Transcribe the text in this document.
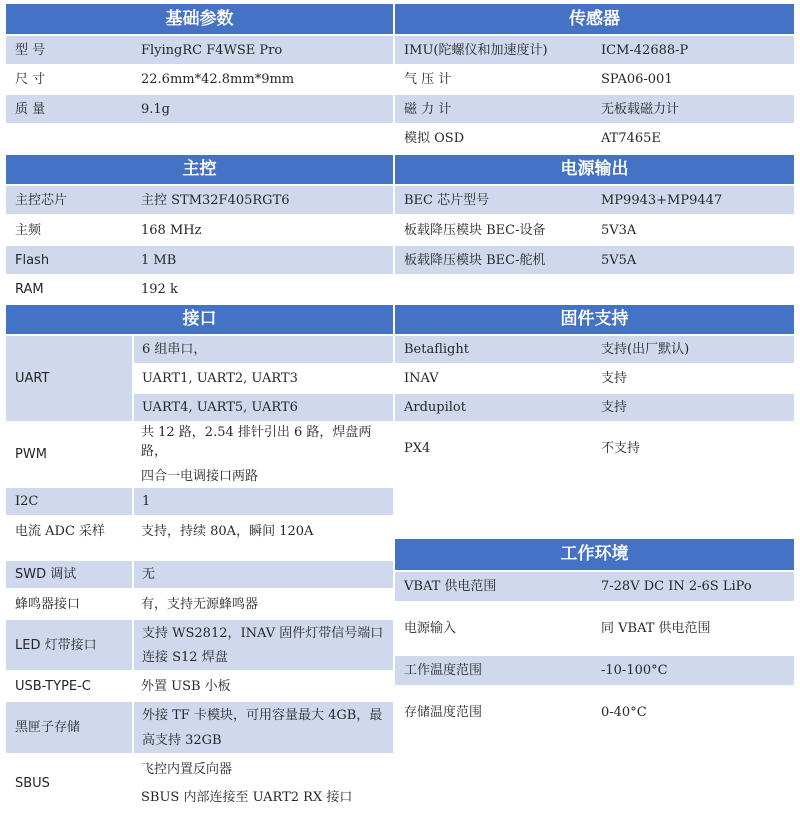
基础参数	
型 号	FlyingRC F4WSE Pro
尺 寸	22.6mm*42.8mm*9mm
质 量	9.1g

主控	
主控芯片	主控 STM32F405RGT6
主频	168 MHz
Flash	1 MB
RAM	192 k
接口	
UART	6 组串口，
	UART1, UART2, UART3
	UART4, UART5, UART6
PWM	共 12 路，2.54 排针引出 6 路，焊盘两路，
四合一电调接口两路

I2C	1
电流 ADC 采样	支持，持续 80A，瞬间 120A

SWD 调试	无
蜂鸣器接口	有，支持无源蜂鸣器
LED 灯带接口	支持 WS2812，INAV 固件灯带信号端口
连接 S12 焊盘

USB-TYPE-C	外置 USB 小板
黑匣子存储	外接 TF 卡模块，可用容量最大 4GB，最
高支持 32GB

SBUS	飞控内置反向器
SBUS 内部连接至 UART2 RX 接口
传感器	
IMU(陀螺仪和加速度计)	ICM-42688-P
气 压 计	SPA06-001
磁 力 计	无板载磁力计
模拟 OSD	AT7465E
电源输出	
BEC 芯片型号	MP9943+MP9447
板载降压模块 BEC-设备	5V3A
板载降压模块 BEC-舵机	5V5A
固件支持	
Betaflight	支持(出厂默认)
INAV	支持
Ardupilot	支持
PX4	不支持
工作环境	
VBAT 供电范围	7-28V DC IN 2-6S LiPo
电源输入	同 VBAT 供电范围
工作温度范围	-10-100°C
存储温度范围	0-40°C
